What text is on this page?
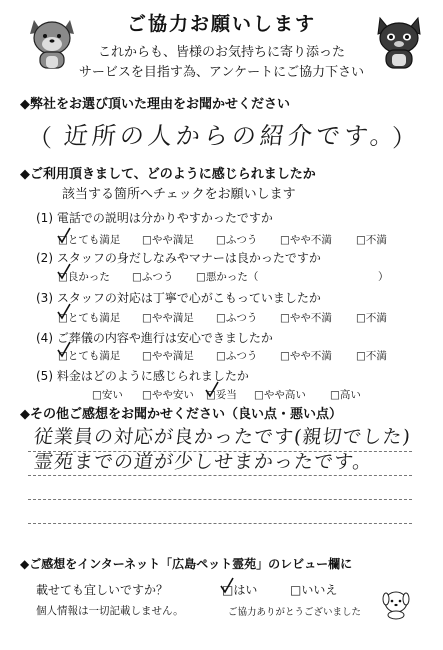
ご協力お願いします
これからも、皆様のお気持ちに寄り添った
サービスを目指す為、アンケートにご協力下さい
◆弊社をお選び頂いた理由をお聞かせください
（ 近所の人からの紹介です。
）
◆ご利用頂きまして、どのように感じられましたか
該当する箇所へチェックをお願いします
(1) 電話での説明は分かりやすかったですか
□とても満足 □やや満足 □ふつう □やや不満 □不満
(2) スタッフの身だしなみやマナーは良かったですか
□良かった □ふつう □悪かった（	）
(3) スタッフの対応は丁寧で心がこもっていましたか
□とても満足 □やや満足 □ふつう □やや不満 □不満
(4) ご葬儀の内容や進行は安心できましたか
□とても満足 □やや満足 □ふつう □やや不満 □不満
(5) 料金はどのように感じられましたか
□安い □やや安い □妥当 □やや高い □高い
◆その他ご感想をお聞かせください（良い点・悪い点）
従業員の対応が良かったです(親切でした)
霊苑までの道が少しせまかったです。
◆ご感想をインターネット「広島ペット霊苑」のレビュー欄に
載せても宜しいですか？	□はい	□いいえ
個人情報は一切記載しません。	ご協力ありがとうございました
